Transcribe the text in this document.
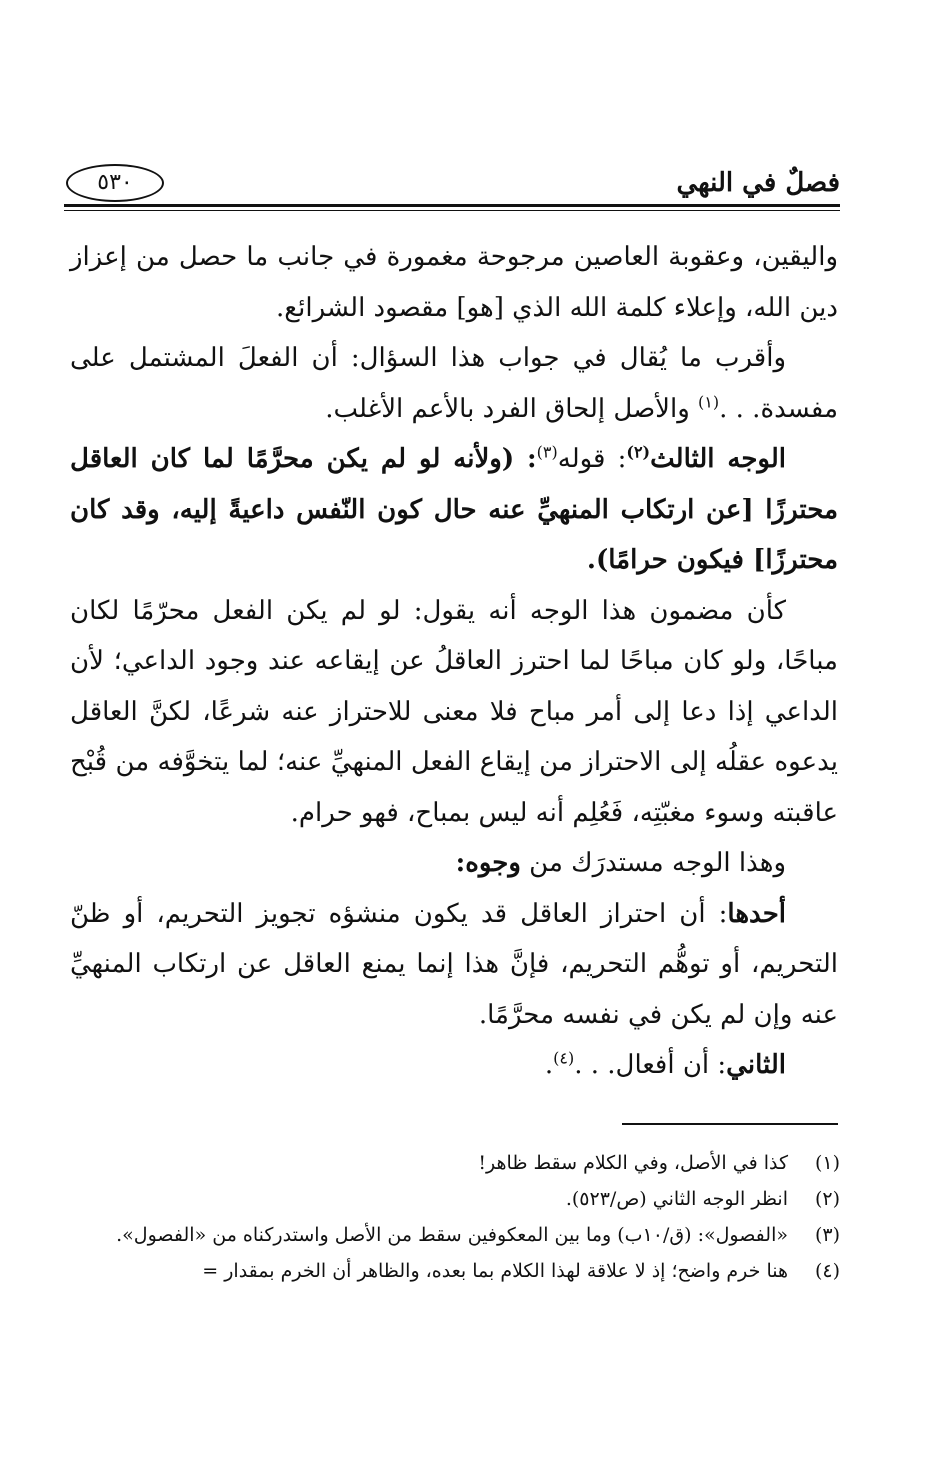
فصلٌ في النهي
٥٣٠

واليقين، وعقوبة العاصين مرجوحة مغمورة في جانب ما حصل من إعزاز دين الله، وإعلاء كلمة الله الذي [هو] مقصود الشرائع.

وأقرب ما يُقال في جواب هذا السؤال: أن الفعلَ المشتمل على مفسدة. . .$^{(١)}$ والأصل إلحاق الفرد بالأعم الأغلب.

الوجه الثالث$^{(٢)}$: قوله$^{(٣)}$: (ولأنه لو لم يكن محرَّمًا لما كان العاقل محترزًا [عن ارتكاب المنهيِّ عنه حال كون النّفس داعيةً إليه، وقد كان محترزًا] فيكون حرامًا).

كأن مضمون هذا الوجه أنه يقول: لو لم يكن الفعل محرّمًا لكان مباحًا، ولو كان مباحًا لما احترز العاقلُ عن إيقاعه عند وجود الداعي؛ لأن الداعي إذا دعا إلى أمر مباح فلا معنى للاحتراز عنه شرعًا، لكنَّ العاقل يدعوه عقلُه إلى الاحتراز من إيقاع الفعل المنهيِّ عنه؛ لما يتخوَّفه من قُبْح عاقبته وسوء مغبّتِه، فَعُلِم أنه ليس بمباح، فهو حرام.

وهذا الوجه مستدرَك من وجوه:

أحدها: أن احتراز العاقل قد يكون منشؤه تجويز التحريم، أو ظنّ التحريم، أو توهُّم التحريم، فإنَّ هذا إنما يمنع العاقل عن ارتكاب المنهيِّ عنه وإن لم يكن في نفسه محرَّمًا.

الثاني: أن أفعال. . .$^{(٤)}$.

(١)
كذا في الأصل، وفي الكلام سقط ظاهر!
(٢)
انظر الوجه الثاني (ص/٥٢٣).
(٣)
«الفصول»: (ق/١٠ب) وما بين المعكوفين سقط من الأصل واستدركناه من «الفصول».
(٤)
هنا خرم واضح؛ إذ لا علاقة لهذا الكلام بما بعده، والظاهر أن الخرم بمقدار =
